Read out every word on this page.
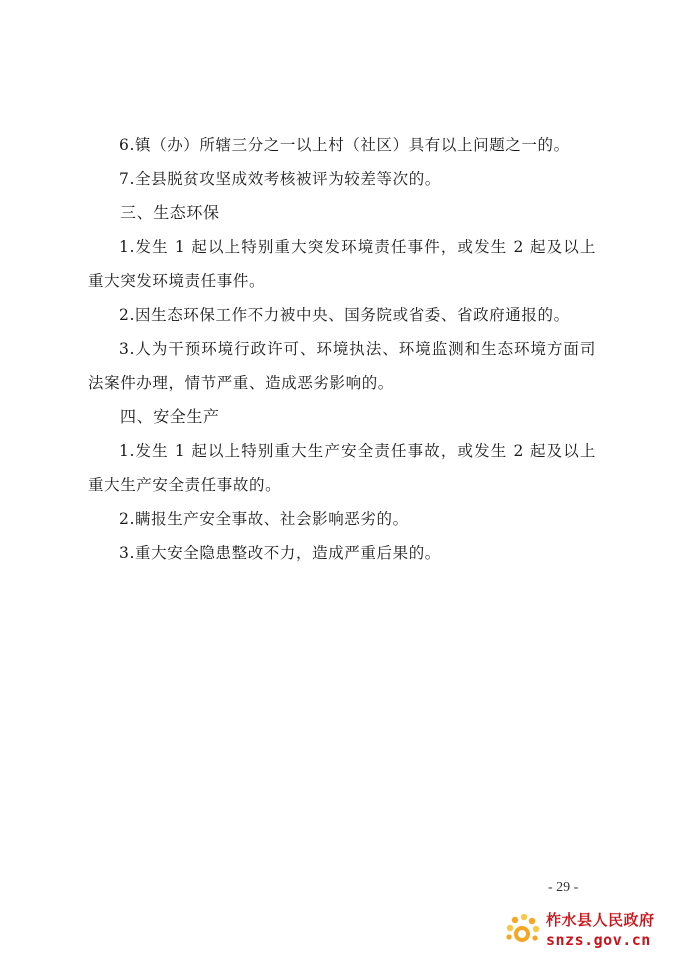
6.镇（办）所辖三分之一以上村（社区）具有以上问题之一的。

7.全县脱贫攻坚成效考核被评为较差等次的。

三、生态环保

1.发生 1 起以上特别重大突发环境责任事件，或发生 2 起及以上重大突发环境责任事件。

2.因生态环保工作不力被中央、国务院或省委、省政府通报的。

3.人为干预环境行政许可、环境执法、环境监测和生态环境方面司法案件办理，情节严重、造成恶劣影响的。

四、安全生产

1.发生 1 起以上特别重大生产安全责任事故，或发生 2 起及以上重大生产安全责任事故的。

2.瞒报生产安全事故、社会影响恶劣的。

3.重大安全隐患整改不力，造成严重后果的。

- 29 -
柞水县人民政府
snzs.gov.cn
